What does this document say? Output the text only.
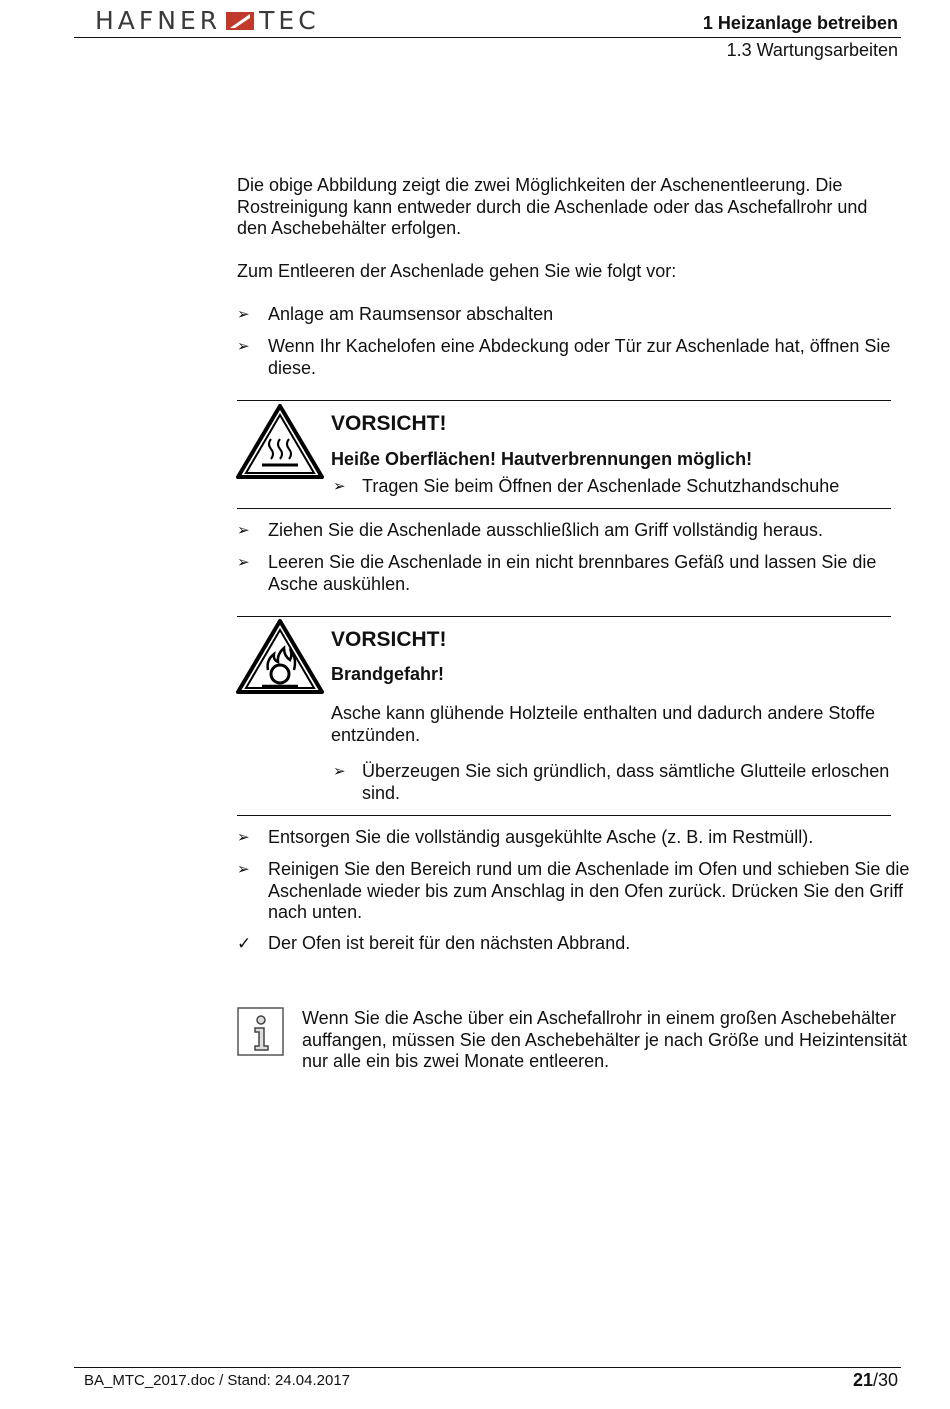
HAFNER TEC	1 Heizanlage betreiben
1.3 Wartungsarbeiten
Die obige Abbildung zeigt die zwei Möglichkeiten der Aschenentleerung. Die Rostreinigung kann entweder durch die Aschenlade oder das Aschefallrohr und den Aschebehälter erfolgen.
Zum Entleeren der Aschenlade gehen Sie wie folgt vor:
➢	Anlage am Raumsensor abschalten
➢	Wenn Ihr Kachelofen eine Abdeckung oder Tür zur Aschenlade hat, öffnen Sie diese.
VORSICHT!
Heiße Oberflächen! Hautverbrennungen möglich!
➢ Tragen Sie beim Öffnen der Aschenlade Schutzhandschuhe
➢	Ziehen Sie die Aschenlade ausschließlich am Griff vollständig heraus.
➢	Leeren Sie die Aschenlade in ein nicht brennbares Gefäß und lassen Sie die Asche auskühlen.
VORSICHT!
Brandgefahr!
Asche kann glühende Holzteile enthalten und dadurch andere Stoffe entzünden.
➢ Überzeugen Sie sich gründlich, dass sämtliche Glutteile erloschen sind.
➢	Entsorgen Sie die vollständig ausgekühlte Asche (z. B. im Restmüll).
➢	Reinigen Sie den Bereich rund um die Aschenlade im Ofen und schieben Sie die Aschenlade wieder bis zum Anschlag in den Ofen zurück. Drücken Sie den Griff nach unten.
✓ Der Ofen ist bereit für den nächsten Abbrand.
Wenn Sie die Asche über ein Aschefallrohr in einem großen Aschebehälter auffangen, müssen Sie den Aschebehälter je nach Größe und Heizintensität nur alle ein bis zwei Monate entleeren.
BA_MTC_2017.doc / Stand: 24.04.2017	21/30
